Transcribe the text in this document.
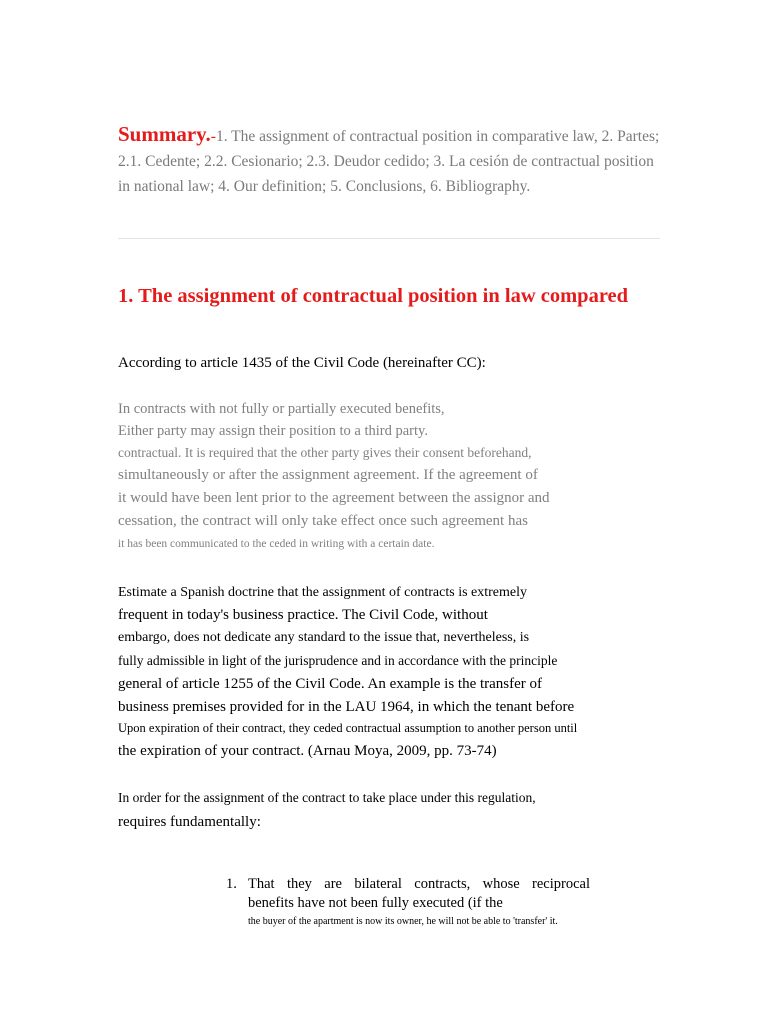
Summary.-1. The assignment of contractual position in comparative law, 2. Partes; 2.1. Cedente; 2.2. Cesionario; 2.3. Deudor cedido; 3. La cesión de contractual position in national law; 4. Our definition; 5. Conclusions, 6. Bibliography.
1. The assignment of contractual position in law compared
According to article 1435 of the Civil Code (hereinafter CC):
In contracts with not fully or partially executed benefits,
Either party may assign their position to a third party.
contractual. It is required that the other party gives their consent beforehand,
simultaneously or after the assignment agreement. If the agreement of
it would have been lent prior to the agreement between the assignor and
cessation, the contract will only take effect once such agreement has
it has been communicated to the ceded in writing with a certain date.
Estimate a Spanish doctrine that the assignment of contracts is extremely
frequent in today's business practice. The Civil Code, without
embargo, does not dedicate any standard to the issue that, nevertheless, is
fully admissible in light of the jurisprudence and in accordance with the principle
general of article 1255 of the Civil Code. An example is the transfer of
business premises provided for in the LAU 1964, in which the tenant before
Upon expiration of their contract, they ceded contractual assumption to another person until
the expiration of your contract. (Arnau Moya, 2009, pp. 73-74)
In order for the assignment of the contract to take place under this regulation,
requires fundamentally:
1. That they are bilateral contracts, whose reciprocal
benefits have not been fully executed (if the
the buyer of the apartment is now its owner, he will not be able to 'transfer' it.
